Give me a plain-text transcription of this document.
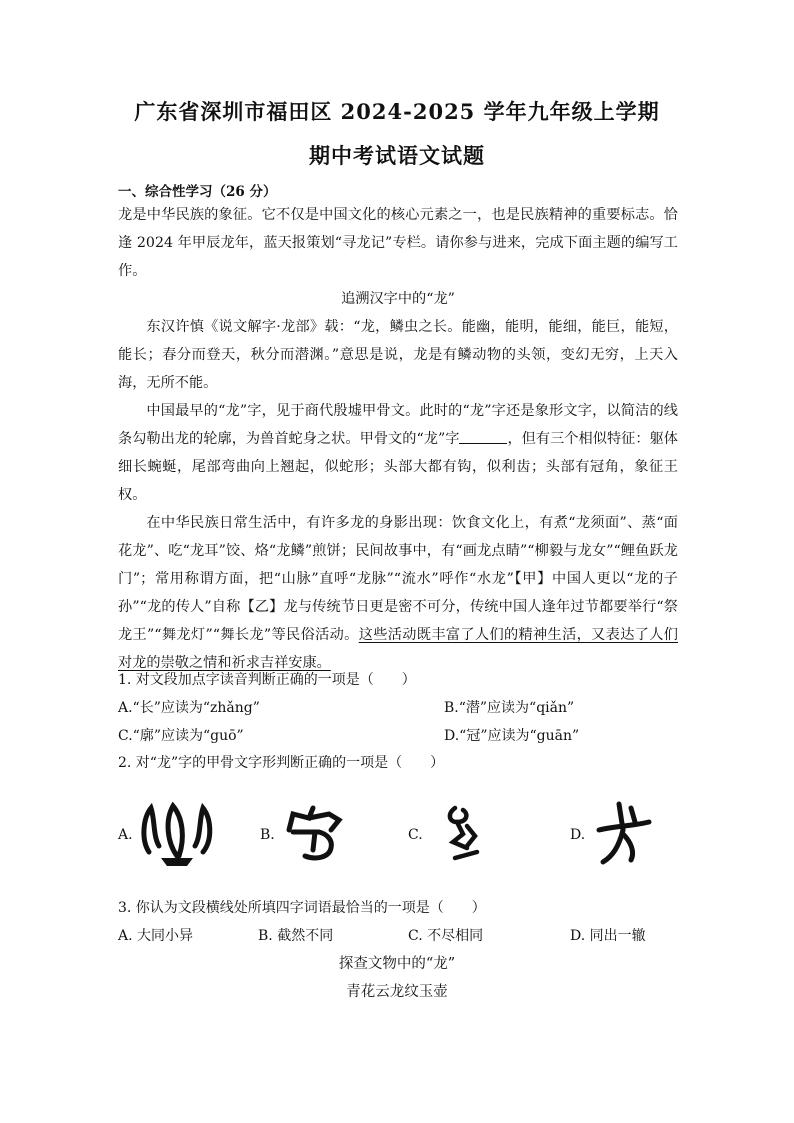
广东省深圳市福田区 2024-2025 学年九年级上学期
期中考试语文试题
一、综合性学习（26 分）

龙是中华民族的象征。它不仅是中国文化的核心元素之一，也是民族精神的重要标志。恰逢 2024 年甲辰龙年，蓝天报策划“寻龙记”专栏。请你参与进来，完成下面主题的编写工作。

追溯汉字中的“龙”

东汉许慎《说文解字·龙部》载：“龙，鳞虫之长。能幽，能明，能细，能巨，能短，能长；春分而登天，秋分而潜渊。”意思是说，龙是有鳞动物的头领，变幻无穷，上天入海，无所不能。

中国最早的“龙”字，见于商代殷墟甲骨文。此时的“龙”字还是象形文字，以简洁的线条勾勒出龙的轮廓，为兽首蛇身之状。甲骨文的“龙”字	，但有三个相似特征：躯体细长蜿蜒，尾部弯曲向上翘起，似蛇形；头部大都有钩，似利齿；头部有冠角，象征王权。

在中华民族日常生活中，有许多龙的身影出现：饮食文化上，有煮“龙须面”、蒸“面花龙”、吃“龙耳”饺、烙“龙鳞”煎饼；民间故事中，有“画龙点睛”“柳毅与龙女”“鲤鱼跃龙门”；常用称谓方面，把“山脉”直呼“龙脉”“流水”呼作“水龙”【甲】中国人更以“龙的子孙”“龙的传人”自称【乙】龙与传统节日更是密不可分，传统中国人逢年过节都要举行“祭龙王”“舞龙灯”“舞长龙”等民俗活动。这些活动既丰富了人们的精神生活，又表达了人们对龙的崇敬之情和祈求吉祥安康。

1. 对文段加点字读音判断正确的一项是（　　）
A.“长”应读为“zhǎng”	B.“潜”应读为“qiǎn”
C.“廓”应读为“guō”	D.“冠”应读为“guān”
2. 对“龙”字的甲骨文字形判断正确的一项是（　　）
A.	B.	C.	D.
3. 你认为文段横线处所填四字词语最恰当的一项是（　　）
A. 大同小异	B. 截然不同	C. 不尽相同	D. 同出一辙
探查文物中的“龙”
青花云龙纹玉壶
